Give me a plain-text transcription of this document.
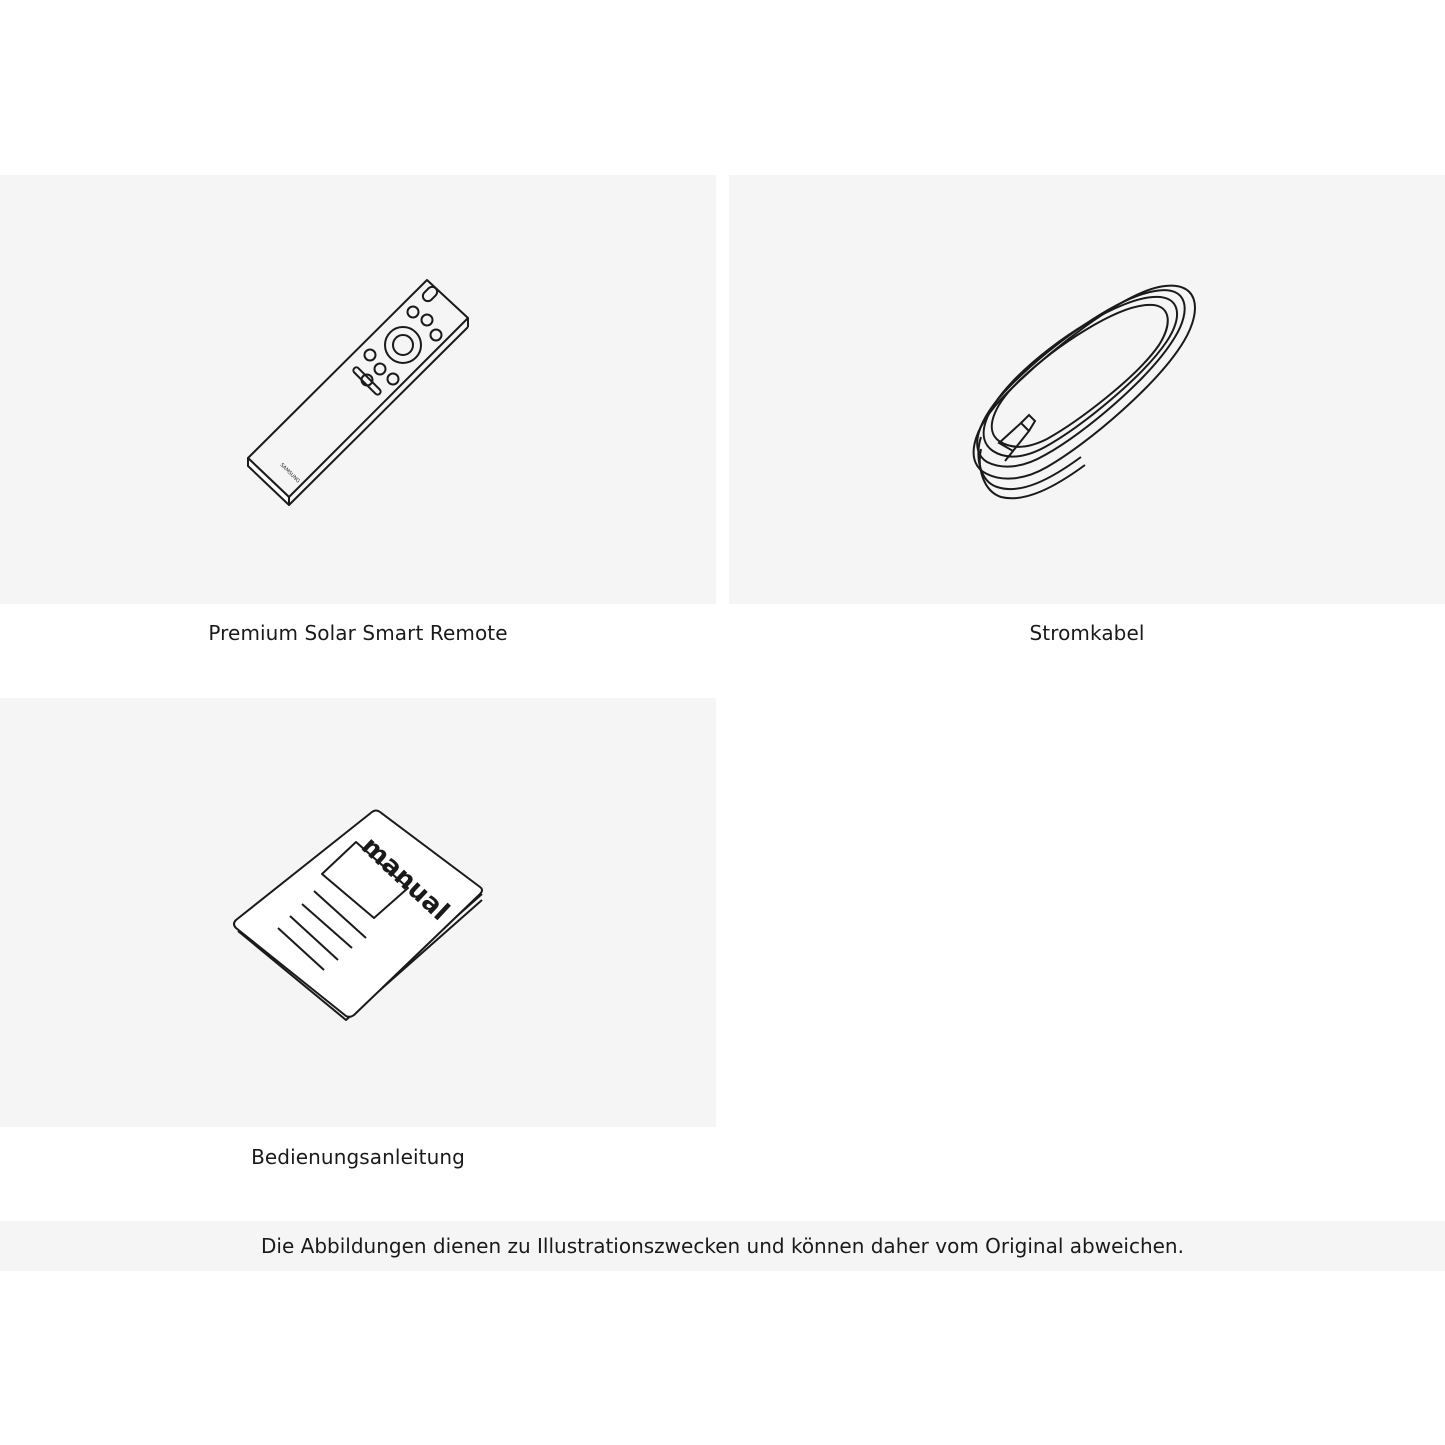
SAMSUNG
Premium Solar Smart Remote	Stromkabel
manual
Bedienungsanleitung
Die Abbildungen dienen zu Illustrationszwecken und können daher vom Original abweichen.
